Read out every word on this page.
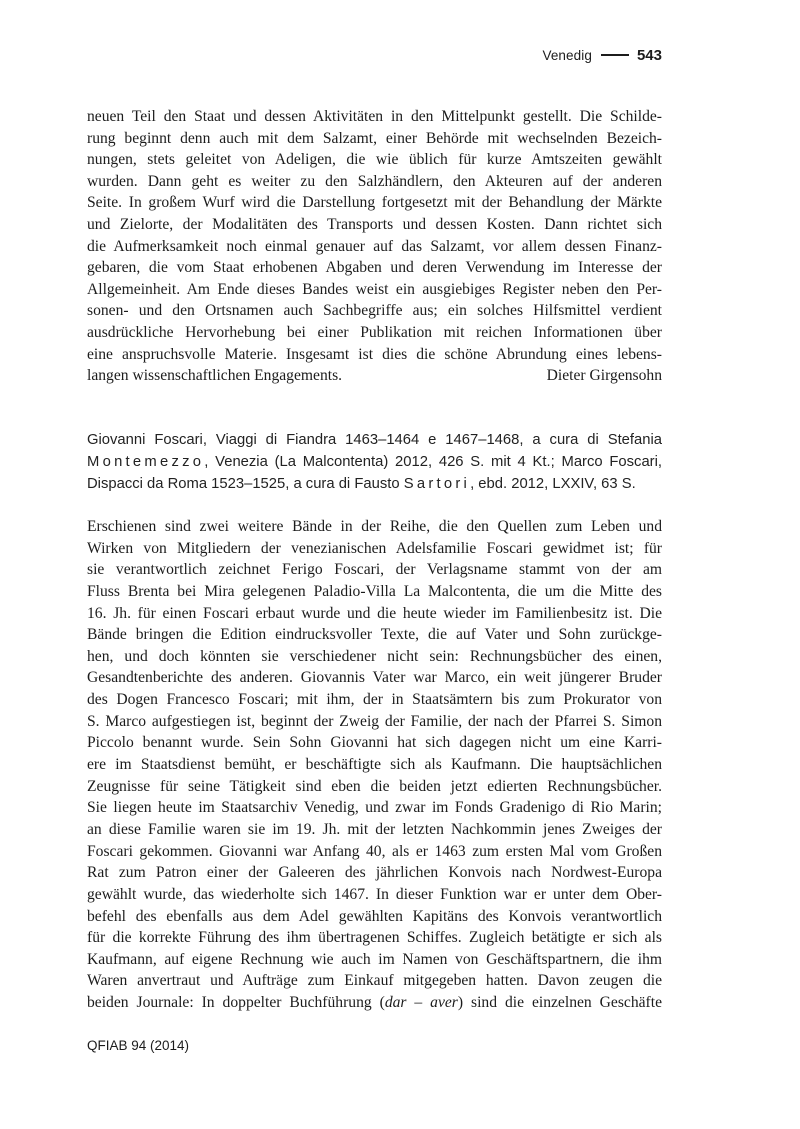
Venedig	543
neuen Teil den Staat und dessen Aktivitäten in den Mittelpunkt gestellt. Die Schilde-
rung beginnt denn auch mit dem Salzamt, einer Behörde mit wechselnden Bezeich-
nungen, stets geleitet von Adeligen, die wie üblich für kurze Amtszeiten gewählt
wurden. Dann geht es weiter zu den Salzhändlern, den Akteuren auf der anderen
Seite. In großem Wurf wird die Darstellung fortgesetzt mit der Behandlung der Märkte
und Zielorte, der Modalitäten des Transports und dessen Kosten. Dann richtet sich
die Aufmerksamkeit noch einmal genauer auf das Salzamt, vor allem dessen Finanz-
gebaren, die vom Staat erhobenen Abgaben und deren Verwendung im Interesse der
Allgemeinheit. Am Ende dieses Bandes weist ein ausgiebiges Register neben den Per-
sonen- und den Ortsnamen auch Sachbegriffe aus; ein solches Hilfsmittel verdient
ausdrückliche Hervorhebung bei einer Publikation mit reichen Informationen über
eine anspruchsvolle Materie. Insgesamt ist dies die schöne Abrundung eines lebens-
langen wissenschaftlichen Engagements.	Dieter Girgensohn
Giovanni Foscari, Viaggi di Fiandra 1463–1464 e 1467–1468, a cura di Stefania
Montemezzo, Venezia (La Malcontenta) 2012, 426 S. mit 4 Kt.; Marco Foscari,
Dispacci da Roma 1523–1525, a cura di Fausto Sartori, ebd. 2012, LXXIV, 63 S.
Erschienen sind zwei weitere Bände in der Reihe, die den Quellen zum Leben und
Wirken von Mitgliedern der venezianischen Adelsfamilie Foscari gewidmet ist; für
sie verantwortlich zeichnet Ferigo Foscari, der Verlagsname stammt von der am
Fluss Brenta bei Mira gelegenen Paladio-Villa La Malcontenta, die um die Mitte des
16. Jh. für einen Foscari erbaut wurde und die heute wieder im Familienbesitz ist. Die
Bände bringen die Edition eindrucksvoller Texte, die auf Vater und Sohn zurückge-
hen, und doch könnten sie verschiedener nicht sein: Rechnungsbücher des einen,
Gesandtenberichte des anderen. Giovannis Vater war Marco, ein weit jüngerer Bruder
des Dogen Francesco Foscari; mit ihm, der in Staatsämtern bis zum Prokurator von
S. Marco aufgestiegen ist, beginnt der Zweig der Familie, der nach der Pfarrei S. Simon
Piccolo benannt wurde. Sein Sohn Giovanni hat sich dagegen nicht um eine Karri-
ere im Staatsdienst bemüht, er beschäftigte sich als Kaufmann. Die hauptsächlichen
Zeugnisse für seine Tätigkeit sind eben die beiden jetzt edierten Rechnungsbücher.
Sie liegen heute im Staatsarchiv Venedig, und zwar im Fonds Gradenigo di Rio Marin;
an diese Familie waren sie im 19. Jh. mit der letzten Nachkommin jenes Zweiges der
Foscari gekommen. Giovanni war Anfang 40, als er 1463 zum ersten Mal vom Großen
Rat zum Patron einer der Galeeren des jährlichen Konvois nach Nordwest-Europa
gewählt wurde, das wiederholte sich 1467. In dieser Funktion war er unter dem Ober-
befehl des ebenfalls aus dem Adel gewählten Kapitäns des Konvois verantwortlich
für die korrekte Führung des ihm übertragenen Schiffes. Zugleich betätigte er sich als
Kaufmann, auf eigene Rechnung wie auch im Namen von Geschäftspartnern, die ihm
Waren anvertraut und Aufträge zum Einkauf mitgegeben hatten. Davon zeugen die
beiden Journale: In doppelter Buchführung (dar – aver) sind die einzelnen Geschäfte
QFIAB 94 (2014)
